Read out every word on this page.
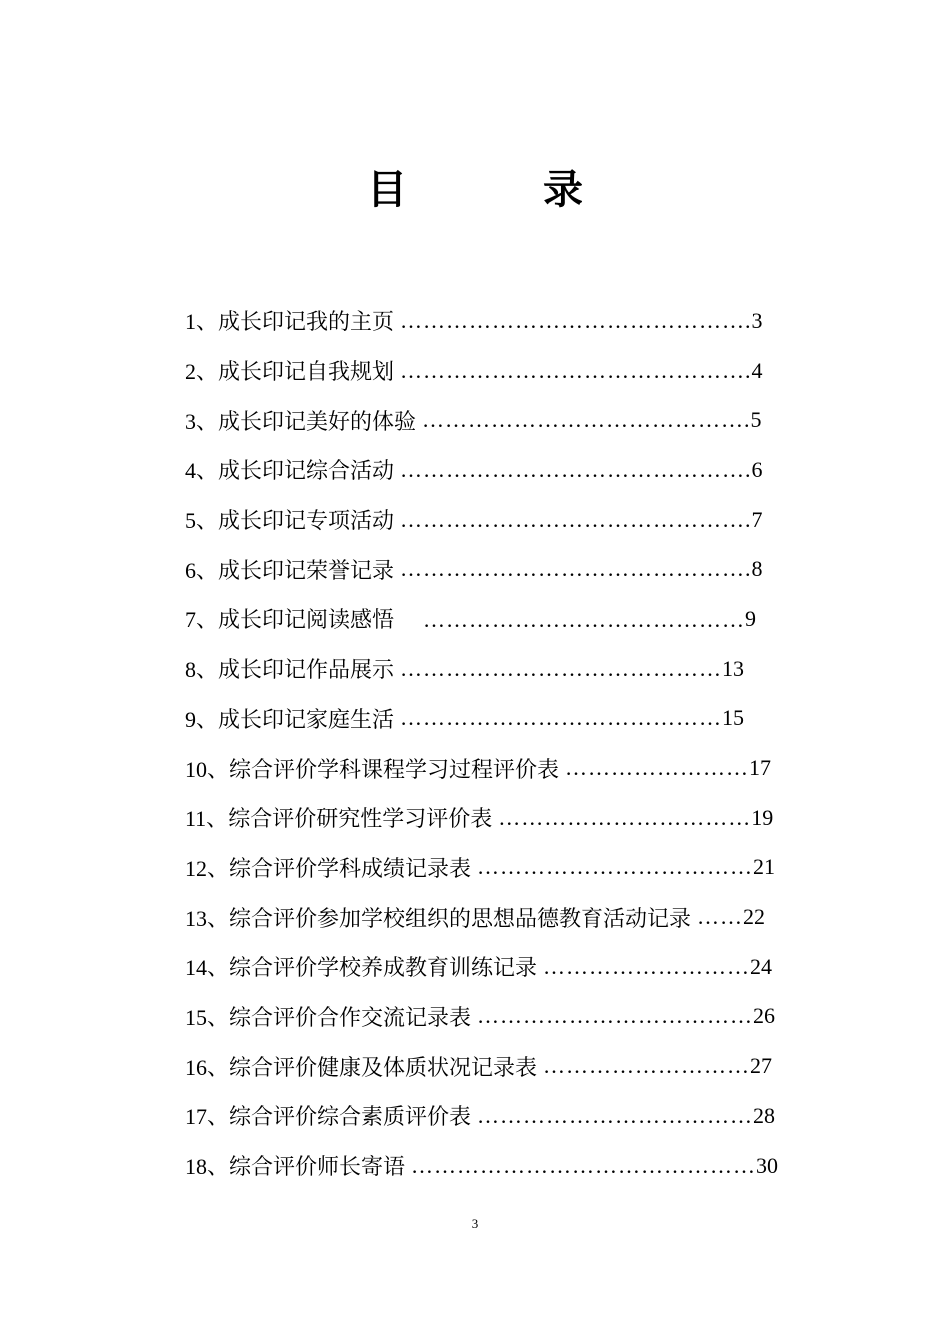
目　录
1、 成长印记我的主页 ………………………………………. 3
2、 成长印记自我规划 ………………………………………. 4
3、 成长印记美好的体验 ……………………………………. 5
4、 成长印记综合活动 ………………………………………. 6
5、 成长印记专项活动 ………………………………………. 7
6、 成长印记荣誉记录 ………………………………………. 8
7、 成长印记阅读感悟 　…………………………………… 9
8、 成长印记作品展示 …………………………………… 13
9、 成长印记家庭生活 …………………………………… 15
10、 综合评价学科课程学习过程评价表 …………………… 17
11、 综合评价研究性学习评价表 …………………………… 19
12、 综合评价学科成绩记录表 ……………………………… 21
13、 综合评价参加学校组织的思想品德教育活动记录 …… 22
14、 综合评价学校养成教育训练记录 ……………………… 24
15、 综合评价合作交流记录表 ……………………………… 26
16、 综合评价健康及体质状况记录表 ……………………… 27
17、 综合评价综合素质评价表 ……………………………… 28
18、 综合评价师长寄语 ……………………………………… 30
3
